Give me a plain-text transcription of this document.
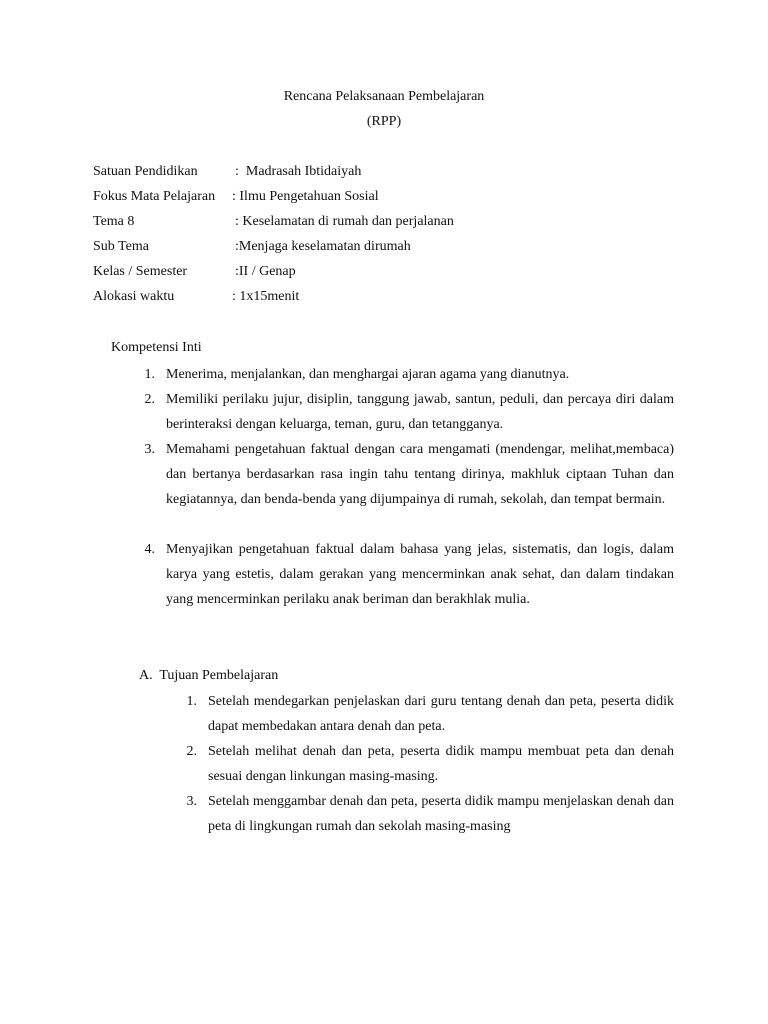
Rencana Pelaksanaan Pembelajaran
(RPP)
Satuan Pendidikan	:  Madrasah Ibtidaiyah
Fokus Mata Pelajaran : Ilmu Pengetahuan Sosial
Tema 8	: Keselamatan di rumah dan perjalanan
Sub Tema	:Menjaga keselamatan dirumah
Kelas / Semester	:II / Genap
Alokasi waktu	: 1x15menit
Kompetensi Inti
1. Menerima, menjalankan, dan menghargai ajaran agama yang dianutnya.
2. Memiliki perilaku jujur, disiplin, tanggung jawab, santun, peduli, dan percaya diri dalam berinteraksi dengan keluarga, teman, guru, dan tetangganya.
3. Memahami pengetahuan faktual dengan cara mengamati (mendengar, melihat,membaca) dan bertanya berdasarkan rasa ingin tahu tentang dirinya, makhluk ciptaan Tuhan dan kegiatannya, dan benda-benda yang dijumpainya di rumah, sekolah, dan tempat bermain.
4. Menyajikan pengetahuan faktual dalam bahasa yang jelas, sistematis, dan logis, dalam karya yang estetis, dalam gerakan yang mencerminkan anak sehat, dan dalam tindakan yang mencerminkan perilaku anak beriman dan berakhlak mulia.
A.  Tujuan Pembelajaran
1. Setelah mendegarkan penjelaskan dari guru tentang denah dan peta, peserta didik dapat membedakan antara denah dan peta.
2. Setelah melihat denah dan peta, peserta didik mampu membuat peta dan denah sesuai dengan linkungan masing-masing.
3. Setelah menggambar denah dan peta, peserta didik mampu menjelaskan denah dan peta di lingkungan rumah dan sekolah masing-masing
